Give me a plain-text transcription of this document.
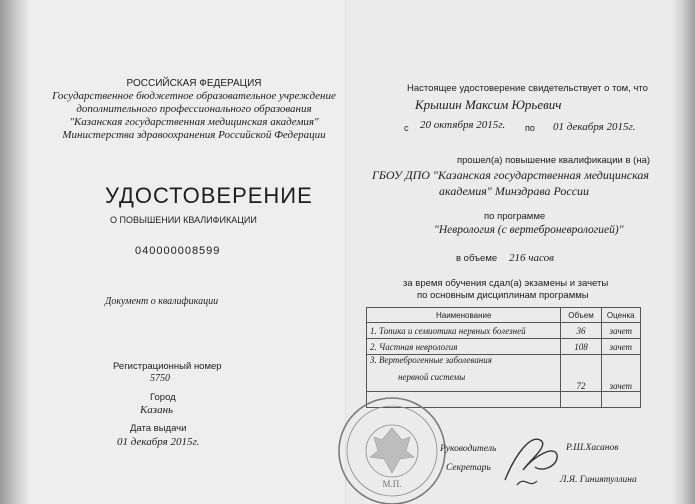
РОССИЙСКАЯ ФЕДЕРАЦИЯ
Государственное бюджетное образовательное учреждение
дополнительного профессионального образования
"Казанская государственная медицинская академия"
Министерства здравоохранения Российской Федерации
УДОСТОВЕРЕНИЕ
О ПОВЫШЕНИИ КВАЛИФИКАЦИИ
040000008599
Документ о квалификации
Регистрационный номер
5750
Город
Казань
Дата выдачи
01 декабря 2015г.
Настоящее удостоверение свидетельствует о том, что
Крышин Максим Юрьевич
с 20 октября 2015г. по 01 декабря 2015г.
прошел(а) повышение квалификации в (на)
ГБОУ ДПО "Казанская государственная медицинская
академия" Минздрава России
по программе
"Неврология (с вертеброневрологией)"
в объеме 216 часов
за время обучения сдал(а) экзамены и зачеты
по основным дисциплинам программы
Наименование	Объем	Оценка
1. Топика и семиотика нервных болезней	36	зачет
2. Частная неврология	108	зачет

3. Вертеброгенные заболевания
нервной системы	72	зачет

М.П.
Руководитель	Р.Ш.Хасанов
Секретарь
Л.Я. Гиниятуллина
